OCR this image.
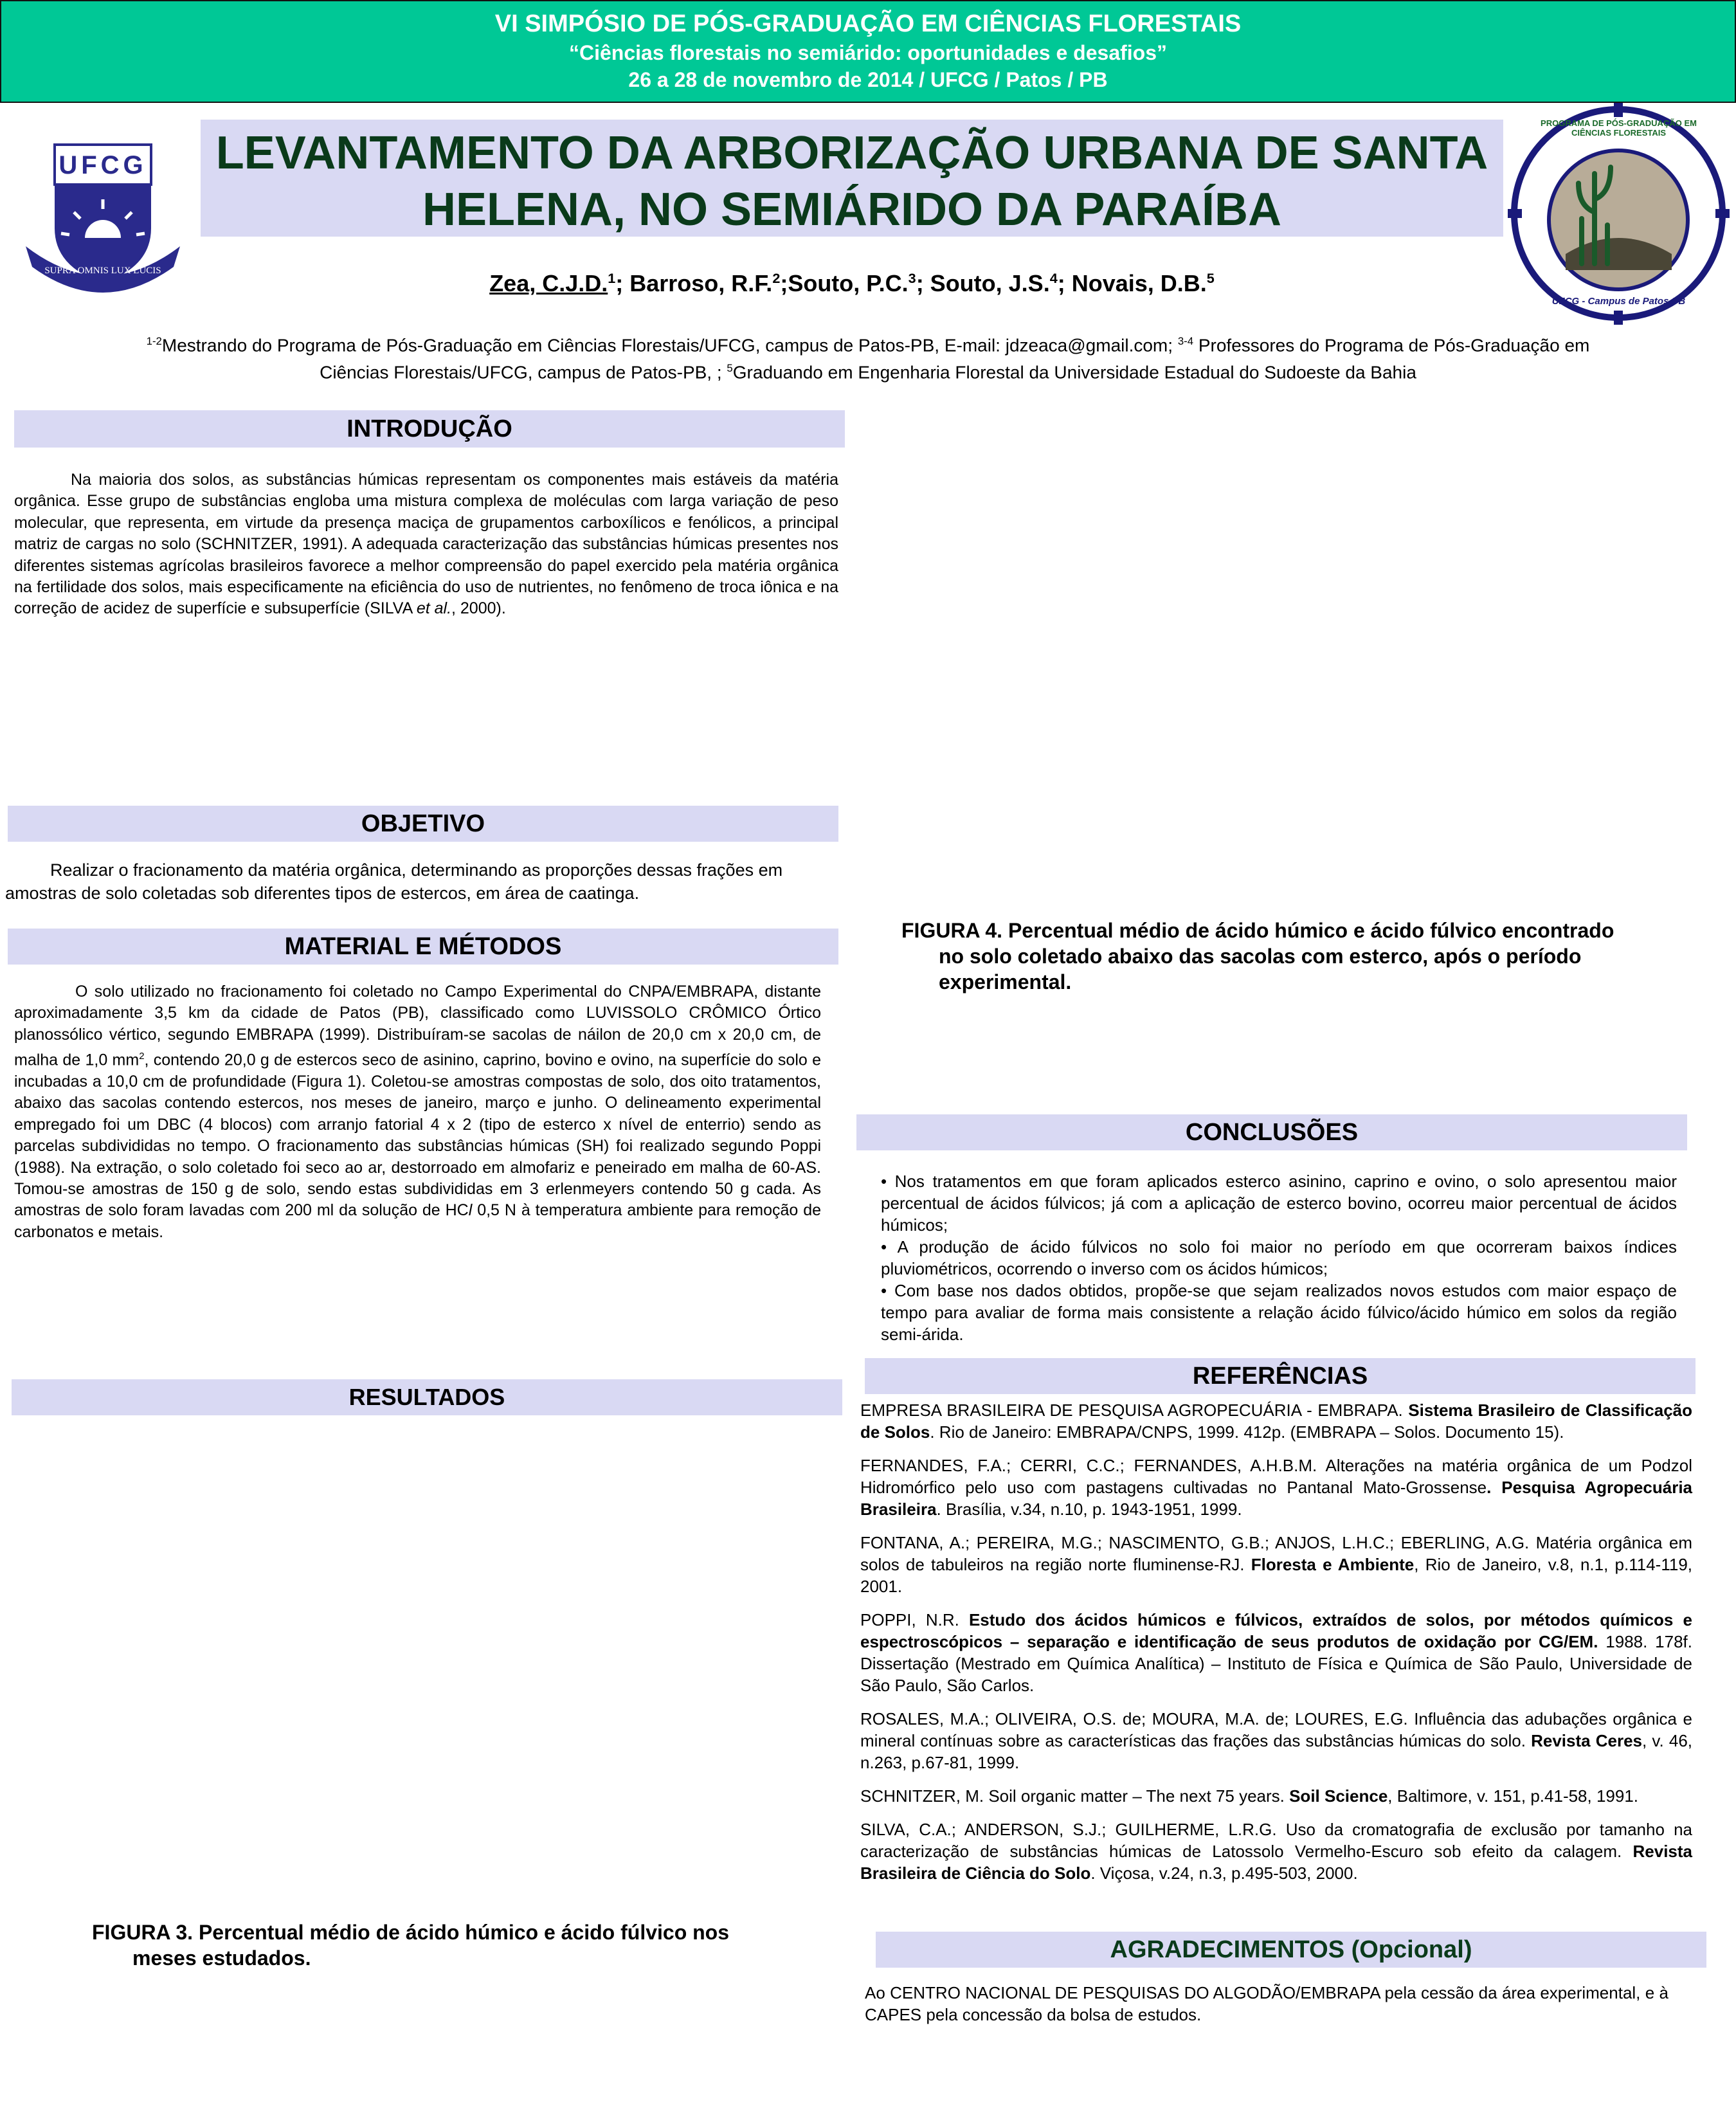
VI SIMPÓSIO DE PÓS-GRADUAÇÃO EM CIÊNCIAS FLORESTAIS
“Ciências florestais no semiárido: oportunidades e desafios”
26 a 28 de novembro de 2014 / UFCG / Patos / PB
UFCG
SUPRA OMNIS LUX LUCIS
PROGRAMA DE PÓS-GRADUAÇÃO EM CIÊNCIAS FLORESTAIS
UFCG - Campus de Patos-PB
LEVANTAMENTO DA ARBORIZAÇÃO URBANA DE SANTA
HELENA, NO SEMIÁRIDO DA PARAÍBA
Zea, C.J.D.$^1$; Barroso, R.F.$^2$;Souto, P.C.$^3$; Souto, J.S.$^4$; Novais, D.B.$^5$
$^{1-2}$Mestrando do Programa de Pós-Graduação em Ciências Florestais/UFCG, campus de Patos-PB, E-mail: jdzeaca@gmail.com; $^{3-4}$ Professores do Programa de Pós-Graduação em
Ciências Florestais/UFCG, campus de Patos-PB, ; $^5$Graduando em Engenharia Florestal da Universidade Estadual do Sudoeste da Bahia
INTRODUÇÃO
Na maioria dos solos, as substâncias húmicas representam os componentes mais estáveis da matéria orgânica. Esse grupo de substâncias engloba uma mistura complexa de moléculas com larga variação de peso molecular, que representa, em virtude da presença maciça de grupamentos carboxílicos e fenólicos, a principal matriz de cargas no solo (SCHNITZER, 1991). A adequada caracterização das substâncias húmicas presentes nos diferentes sistemas agrícolas brasileiros favorece a melhor compreensão do papel exercido pela matéria orgânica na fertilidade dos solos, mais especificamente na eficiência do uso de nutrientes, no fenômeno de troca iônica e na correção de acidez de superfície e subsuperfície (SILVA et al., 2000).
OBJETIVO
Realizar o fracionamento da matéria orgânica, determinando as proporções dessas frações em amostras de solo coletadas sob diferentes tipos de estercos, em área de caatinga.
MATERIAL E MÉTODOS
O solo utilizado no fracionamento foi coletado no Campo Experimental do CNPA/EMBRAPA, distante aproximadamente 3,5 km da cidade de Patos (PB), classificado como LUVISSOLO CRÔMICO Órtico planossólico vértico, segundo EMBRAPA (1999). Distribuíram-se sacolas de náilon de 20,0 cm x 20,0 cm, de malha de 1,0 $mm^2$, contendo 20,0 g de estercos seco de asinino, caprino, bovino e ovino, na superfície do solo e incubadas a 10,0 cm de profundidade (Figura 1). Coletou-se amostras compostas de solo, dos oito tratamentos, abaixo das sacolas contendo estercos, nos meses de janeiro, março e junho. O delineamento experimental empregado foi um DBC (4 blocos) com arranjo fatorial 4 x 2 (tipo de esterco x nível de enterrio) sendo as parcelas subdivididas no tempo. O fracionamento das substâncias húmicas (SH) foi realizado segundo Poppi (1988). Na extração, o solo coletado foi seco ao ar, destorroado em almofariz e peneirado em malha de 60-AS. Tomou-se amostras de 150 g de solo, sendo estas subdivididas em 3 erlenmeyers contendo 50 g cada. As amostras de solo foram lavadas com 200 ml da solução de HCl 0,5 N à temperatura ambiente para remoção de carbonatos e metais.
RESULTADOS
FIGURA 3. Percentual médio de ácido húmico e ácido fúlvico nos
meses estudados.
FIGURA 4. Percentual médio de ácido húmico e ácido fúlvico encontrado
no solo coletado abaixo das sacolas com esterco, após o período
experimental.
CONCLUSÕES
• Nos tratamentos em que foram aplicados esterco asinino, caprino e ovino, o solo apresentou maior percentual de ácidos fúlvicos; já com a aplicação de esterco bovino, ocorreu maior percentual de ácidos húmicos;
• A produção de ácido fúlvicos no solo foi maior no período em que ocorreram baixos índices pluviométricos, ocorrendo o inverso com os ácidos húmicos;
• Com base nos dados obtidos, propõe-se que sejam realizados novos estudos com maior espaço de tempo para avaliar de forma mais consistente a relação ácido fúlvico/ácido húmico em solos da região semi-árida.
REFERÊNCIAS

EMPRESA BRASILEIRA DE PESQUISA AGROPECUÁRIA - EMBRAPA. Sistema Brasileiro de Classificação de Solos. Rio de Janeiro: EMBRAPA/CNPS, 1999. 412p. (EMBRAPA – Solos. Documento 15).

FERNANDES, F.A.; CERRI, C.C.; FERNANDES, A.H.B.M. Alterações na matéria orgânica de um Podzol Hidromórfico pelo uso com pastagens cultivadas no Pantanal Mato-Grossense. Pesquisa Agropecuária Brasileira. Brasília, v.34, n.10, p. 1943-1951, 1999.

FONTANA, A.; PEREIRA, M.G.; NASCIMENTO, G.B.; ANJOS, L.H.C.; EBERLING, A.G. Matéria orgânica em solos de tabuleiros na região norte fluminense-RJ. Floresta e Ambiente, Rio de Janeiro, v.8, n.1, p.114-119, 2001.

POPPI, N.R. Estudo dos ácidos húmicos e fúlvicos, extraídos de solos, por métodos químicos e espectroscópicos – separação e identificação de seus produtos de oxidação por CG/EM. 1988. 178f. Dissertação (Mestrado em Química Analítica) – Instituto de Física e Química de São Paulo, Universidade de São Paulo, São Carlos.

ROSALES, M.A.; OLIVEIRA, O.S. de; MOURA, M.A. de; LOURES, E.G. Influência das adubações orgânica e mineral contínuas sobre as características das frações das substâncias húmicas do solo. Revista Ceres, v. 46, n.263, p.67-81, 1999.

SCHNITZER, M. Soil organic matter – The next 75 years. Soil Science, Baltimore, v. 151, p.41-58, 1991.

SILVA, C.A.; ANDERSON, S.J.; GUILHERME, L.R.G. Uso da cromatografia de exclusão por tamanho na caracterização de substâncias húmicas de Latossolo Vermelho-Escuro sob efeito da calagem. Revista Brasileira de Ciência do Solo. Viçosa, v.24, n.3, p.495-503, 2000.

AGRADECIMENTOS (Opcional)
Ao CENTRO NACIONAL DE PESQUISAS DO ALGODÃO/EMBRAPA pela cessão da área experimental, e à CAPES pela concessão da bolsa de estudos.
